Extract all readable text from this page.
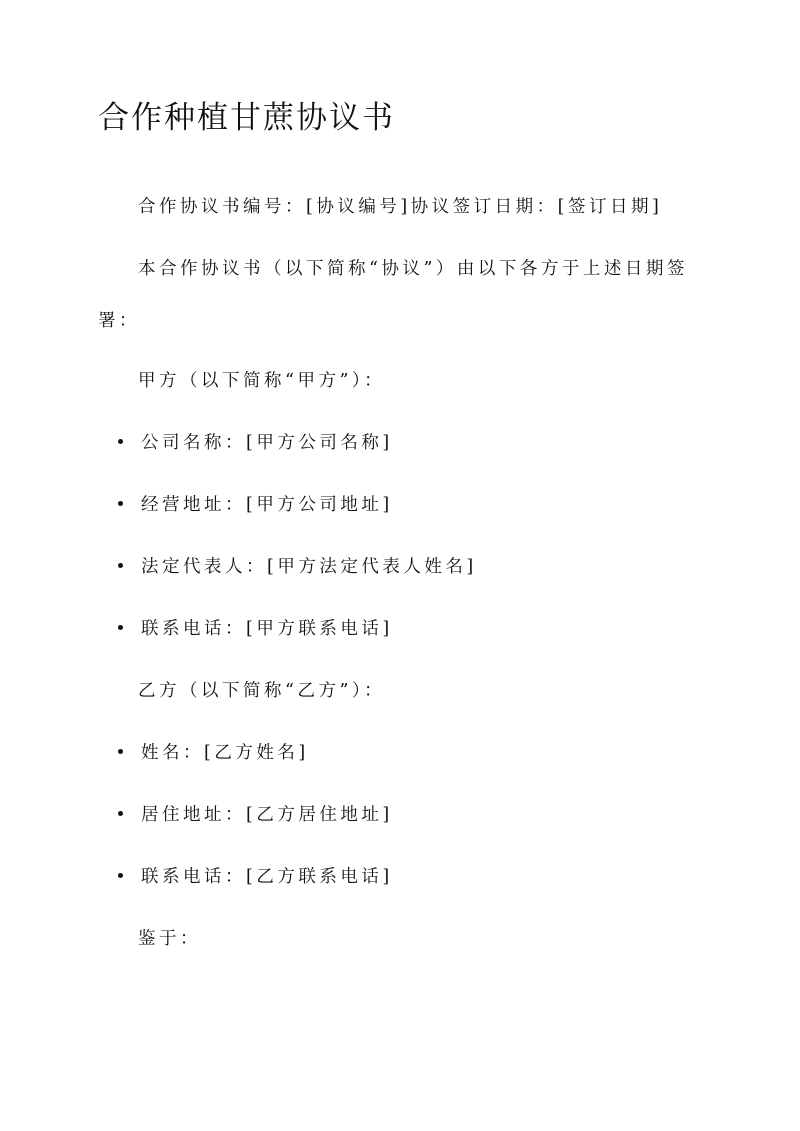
合作种植甘蔗协议书
合作协议书编号：[协议编号]协议签订日期：[签订日期]
本合作协议书（以下简称“协议”）由以下各方于上述日期签
署：
甲方（以下简称“甲方”）：
公司名称：[甲方公司名称]
经营地址：[甲方公司地址]
法定代表人：[甲方法定代表人姓名]
联系电话：[甲方联系电话]
乙方（以下简称“乙方”）：
姓名：[乙方姓名]
居住地址：[乙方居住地址]
联系电话：[乙方联系电话]
鉴于：
